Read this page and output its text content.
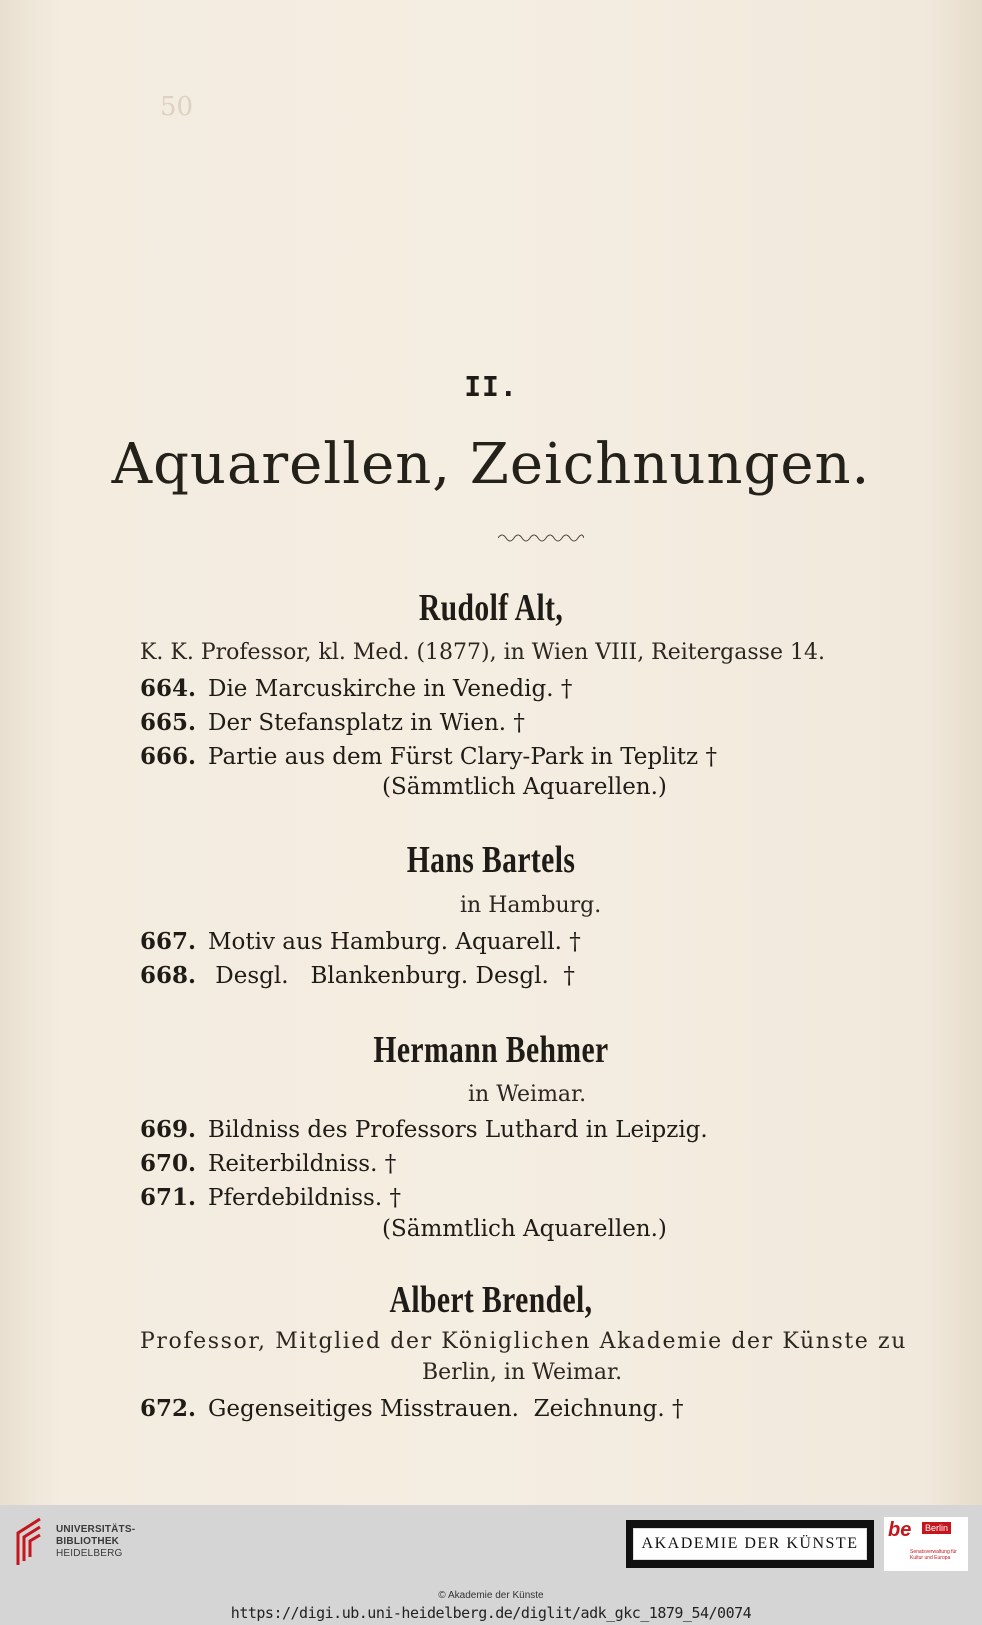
50
II.
Aquarellen, Zeichnungen.
Rudolf Alt,
K. K. Professor, kl. Med. (1877), in Wien VIII, Reitergasse 14.
664. Die Marcuskirche in Venedig. †
665. Der Stefansplatz in Wien. †
666. Partie aus dem Fürst Clary-Park in Teplitz †
(Sämmtlich Aquarellen.)
Hans Bartels
in Hamburg.
667. Motiv aus Hamburg. Aquarell. †
668. Desgl.   Blankenburg. Desgl.  †
Hermann Behmer
in Weimar.
669. Bildniss des Professors Luthard in Leipzig.
670. Reiterbildniss. †
671. Pferdebildniss. †
(Sämmtlich Aquarellen.)
Albert Brendel,
Professor, Mitglied der Königlichen Akademie der Künste zu
Berlin, in Weimar.
672. Gegenseitiges Misstrauen.  Zeichnung. †
UNIVERSITÄTS-
BIBLIOTHEK
HEIDELBERG
AKADEMIE DER KÜNSTE
be	Berlin
Senatsverwaltung für Kultur und Europa
© Akademie der Künste
https://digi.ub.uni-heidelberg.de/diglit/adk_gkc_1879_54/0074
